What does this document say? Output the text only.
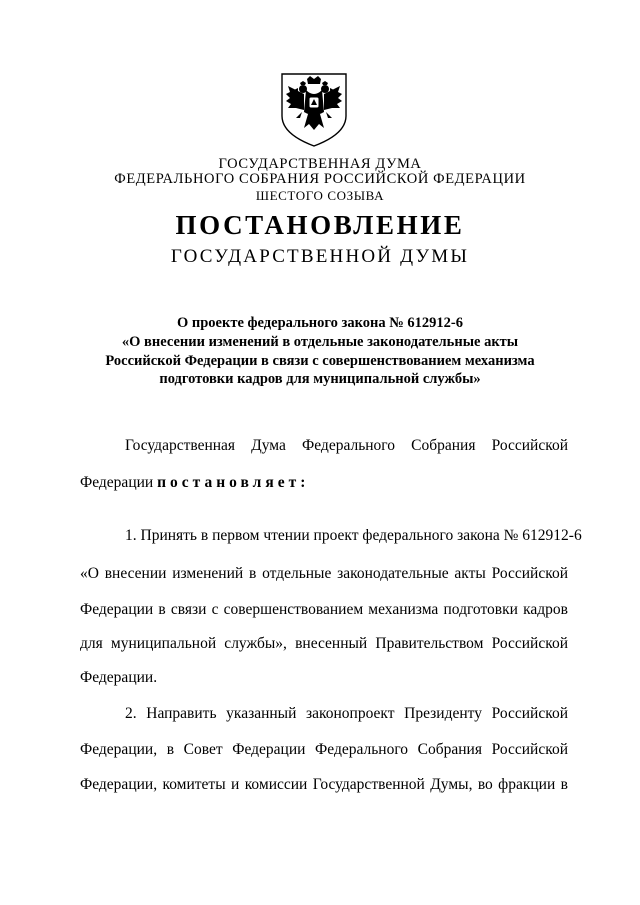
ГОСУДАРСТВЕННАЯ ДУМА
ФЕДЕРАЛЬНОГО СОБРАНИЯ РОССИЙСКОЙ ФЕДЕРАЦИИ
ШЕСТОГО СОЗЫВА
ПОСТАНОВЛЕНИЕ
ГОСУДАРСТВЕННОЙ ДУМЫ
О проекте федерального закона № 612912-6
«О внесении изменений в отдельные законодательные акты
Российской Федерации в связи с совершенствованием механизма
подготовки кадров для муниципальной службы»
Государственная Дума Федерального Собрания Российской
Федерации постановляет:
1. Принять в первом чтении проект федерального закона № 612912-6
«О внесении изменений в отдельные законодательные акты Российской
Федерации в связи с совершенствованием механизма подготовки кадров
для муниципальной службы», внесенный Правительством Российской
Федерации.
2. Направить указанный законопроект Президенту Российской
Федерации, в Совет Федерации Федерального Собрания Российской
Федерации, комитеты и комиссии Государственной Думы, во фракции в
